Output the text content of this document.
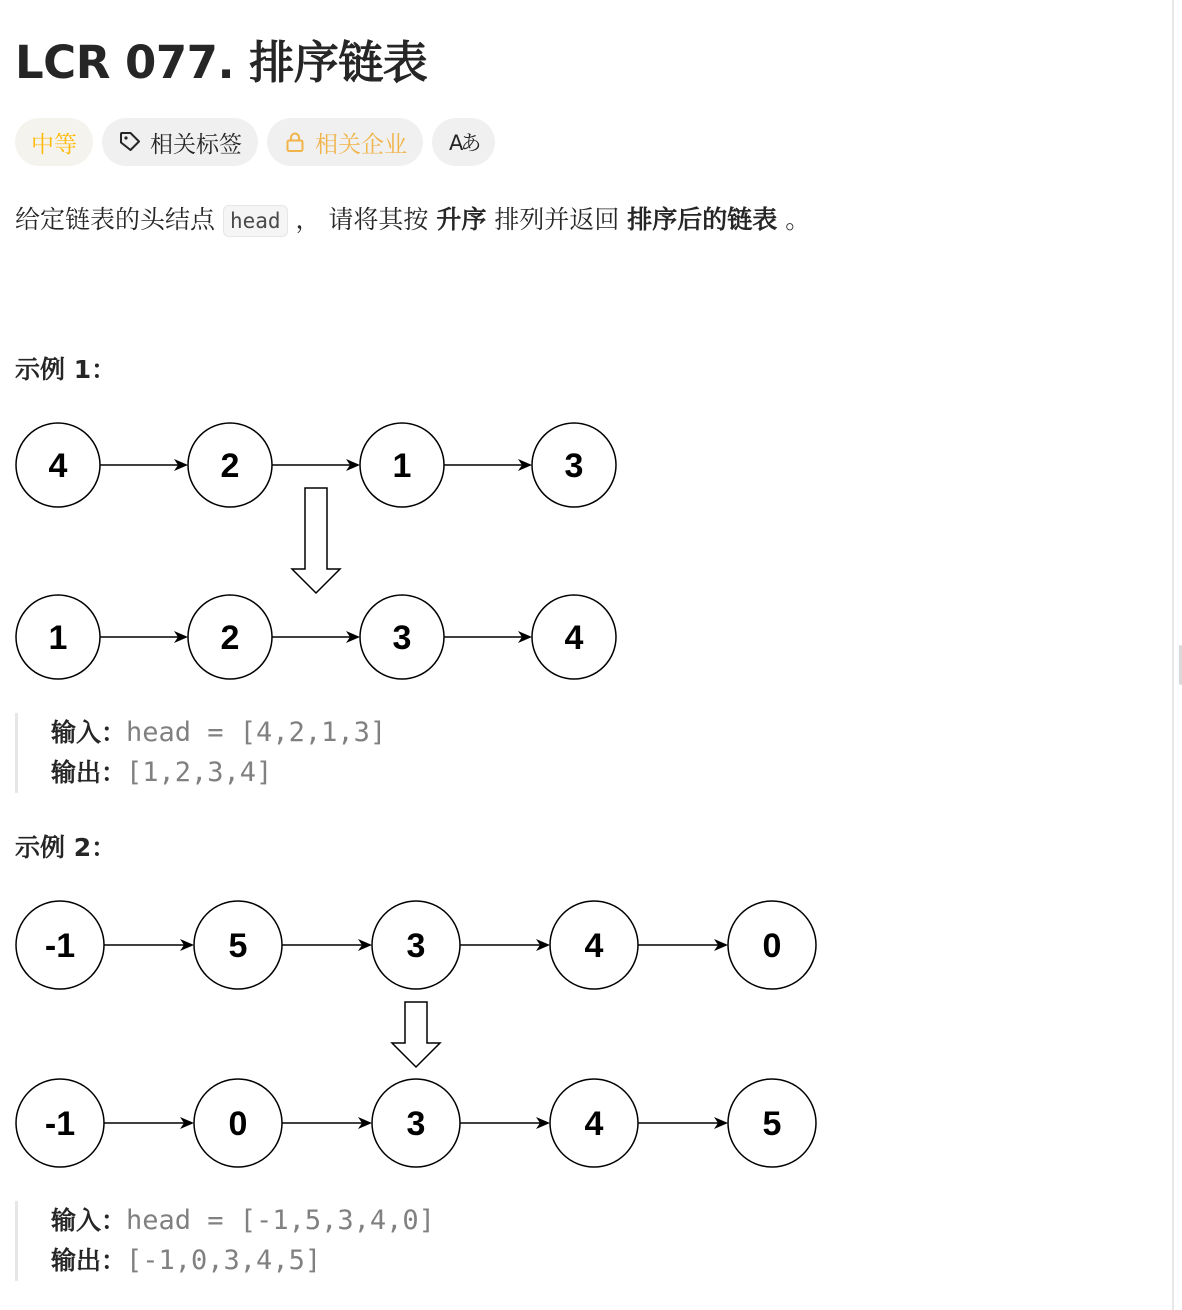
LCR 077. 排序链表
中等	相关标签	相关企业 Aあ
给定链表的头结点 head ， 请将其按 升序 排列并返回 排序后的链表 。
示例 1：
4	2	1	3
1	2	3	4
输入：head = [4,2,1,3]
输出：[1,2,3,4]
示例 2：
-1	5	3	4	0
-1	0	3	4	5
输入：head = [-1,5,3,4,0]
输出：[-1,0,3,4,5]
